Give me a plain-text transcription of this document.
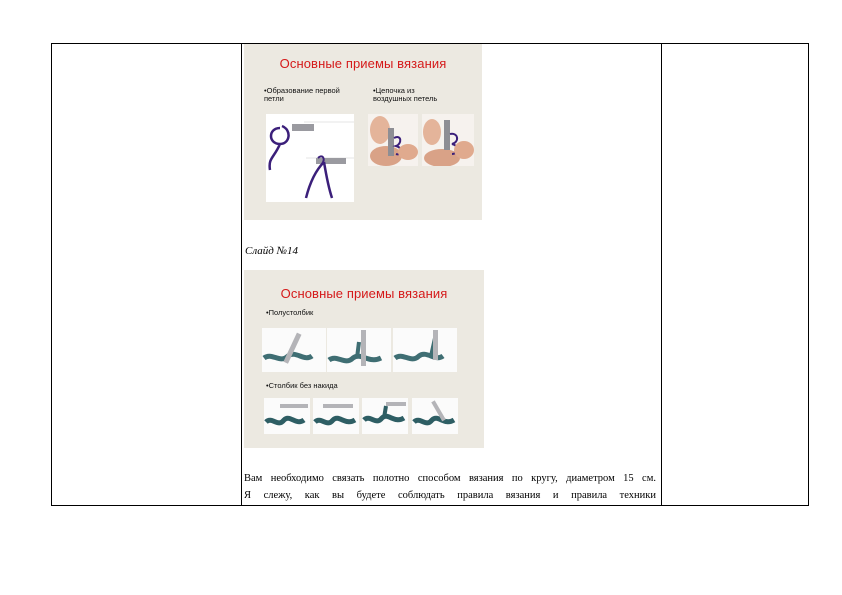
Основные приемы вязания
•Образование первой петли
•Цепочка из воздушных петель
Слайд №14
Основные приемы вязания
•Полустолбик
•Столбик без накида
Вам необходимо связать полотно способом вязания по кругу, диаметром 15 см.
Я слежу, как вы будете соблюдать правила вязания и правила техники
